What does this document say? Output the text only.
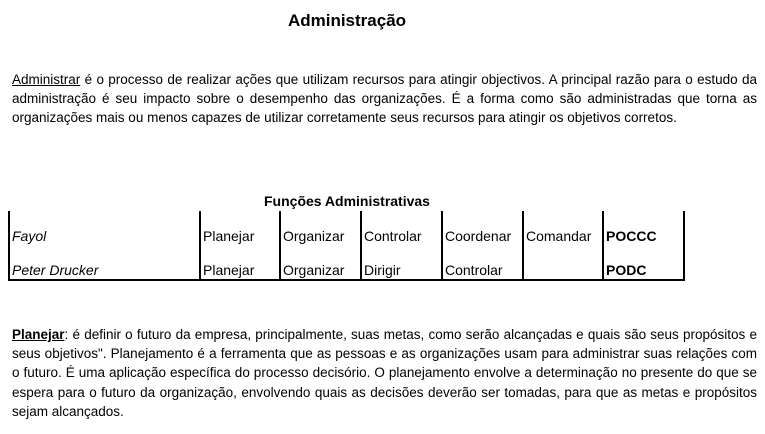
Administração

Administrar é o processo de realizar ações que utilizam recursos para atingir objectivos. A principal razão para o estudo da administração é seu impacto sobre o desempenho das organizações. É a forma como são administradas que torna as organizações mais ou menos capazes de utilizar corretamente seus recursos para atingir os objetivos corretos.

Funções Administrativas

Fayol	Planejar	Organizar	Controlar	Coordenar	Comandar	POCCC

Peter Drucker	Planejar	Organizar	Dirigir	Controlar		PODC

Planejar: é definir o futuro da empresa, principalmente, suas metas, como serão alcançadas e quais são seus propósitos e seus objetivos". Planejamento é a ferramenta que as pessoas e as organizações usam para administrar suas relações com o futuro. É uma aplicação específica do processo decisório. O planejamento envolve a determinação no presente do que se espera para o futuro da organização, envolvendo quais as decisões deverão ser tomadas, para que as metas e propósitos sejam alcançados.
